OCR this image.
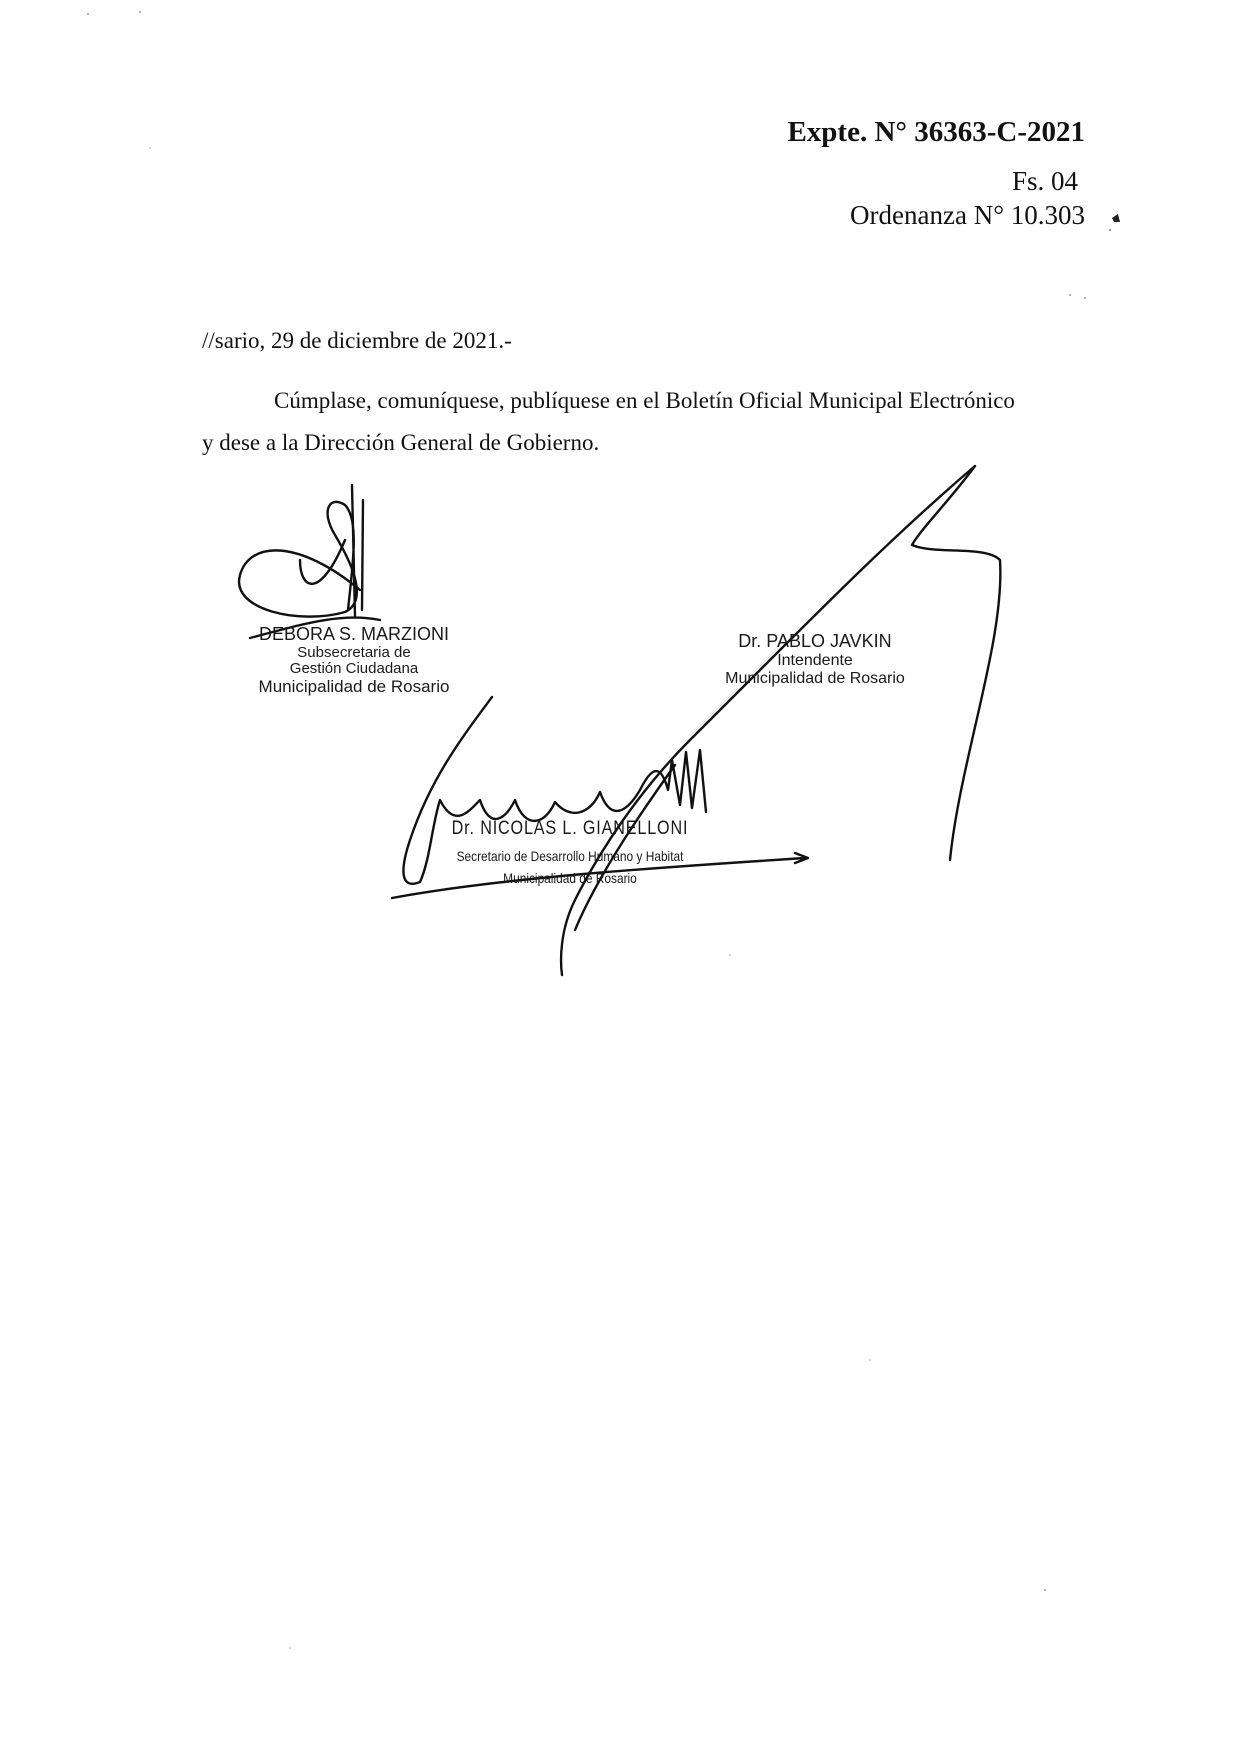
Expte. N° 36363-C-2021
Fs. 04
Ordenanza N° 10.303
//sario, 29 de diciembre de 2021.-
Cúmplase, comuníquese, publíquese en el Boletín Oficial Municipal Electrónico
y dese a la Dirección General de Gobierno.
DEBORA S. MARZIONI
Subsecretaria de
Gestión Ciudadana
Municipalidad de Rosario
Dr. PABLO JAVKIN
Intendente
Municipalidad de Rosario
Dr. NICOLAS L. GIANELLONI
Secretario de Desarrollo Humano y Habitat
Municipalidad de Rosario
